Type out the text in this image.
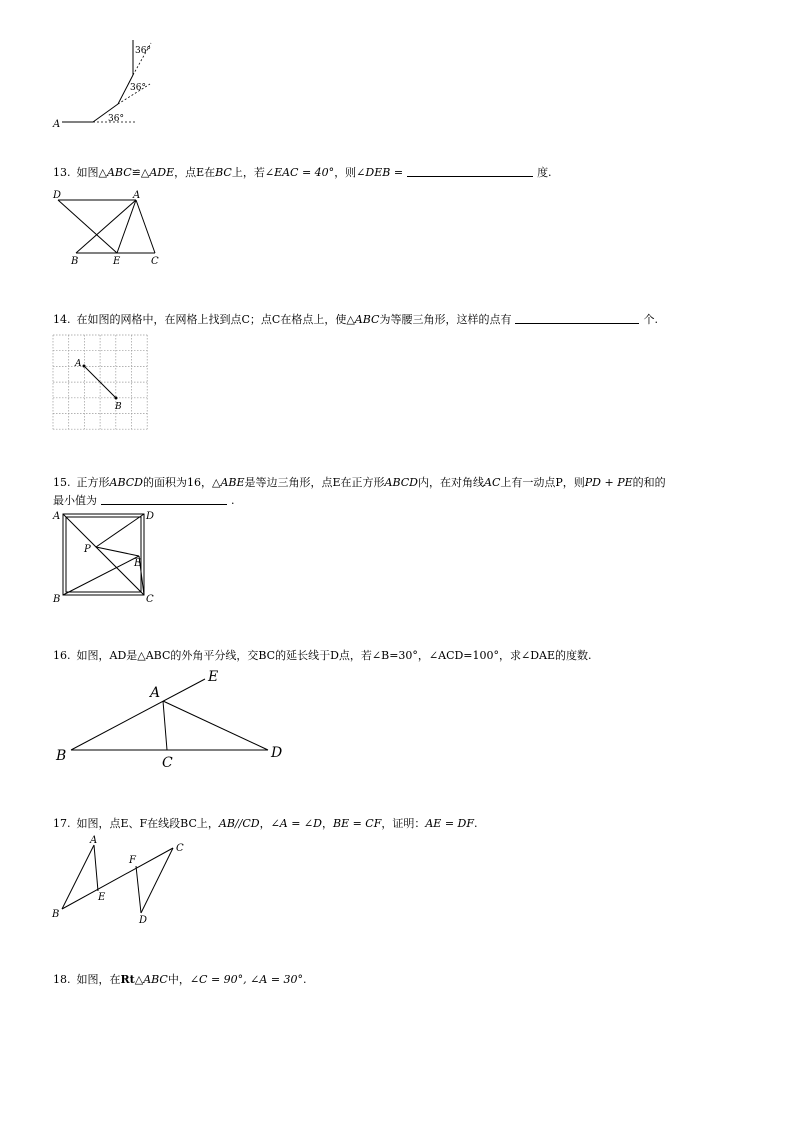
A
36°
36°
36°
13. 如图△ABC≌△ADE，点E在BC上，若∠EAC = 40°，则∠DEB =	度.
D	A
B	E	C
14. 在如图的网格中，在网格上找到点C；点C在格点上，使△ABC为等腰三角形，这样的点有	个.
A
B
15. 正方形ABCD的面积为16，△ABE是等边三角形，点E在正方形ABCD内，在对角线AC上有一动点P，则PD + PE的和的
最小值为	.
A	D
P
E
B	C
16. 如图，AD是△ABC的外角平分线，交BC的延长线于D点，若∠B=30°，∠ACD=100°，求∠DAE的度数.
A
E
B	C
D
17. 如图，点E、F在线段BC上，AB//CD，∠A = ∠D，BE = CF，证明：AE = DF.
A
F
C
E
B
D
18. 如图，在Rt△ABC中，∠C = 90°, ∠A = 30°.
